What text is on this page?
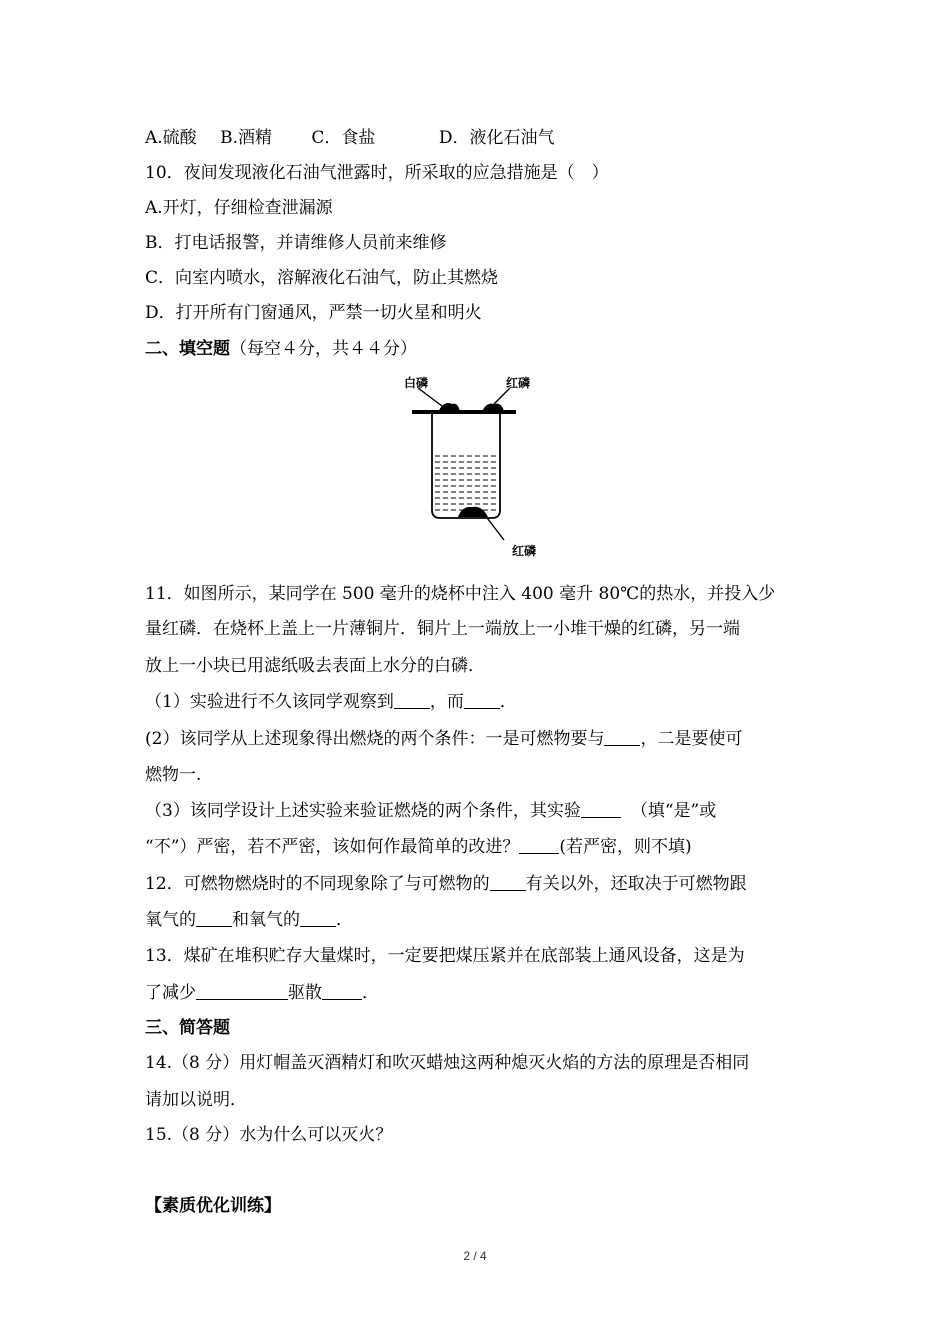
A.硫酸 B.酒精 C．食盐	D．液化石油气
10．夜间发现液化石油气泄露时，所采取的应急措施是（　）
A.开灯，仔细检查泄漏源
B．打电话报警，并请维修人员前来维修
C．向室内喷水，溶解液化石油气，防止其燃烧
D．打开所有门窗通风，严禁一切火星和明火
二、填空题（每空４分，共４４分）
白磷	红磷
红磷
11．如图所示，某同学在 500 毫升的烧杯中注入 400 毫升 80℃的热水，并投入少
量红磷．在烧杯上盖上一片薄铜片．铜片上一端放上一小堆干燥的红磷，另一端
放上一小块已用滤纸吸去表面上水分的白磷．
（1）实验进行不久该同学观察到 ，而 ．
(2）该同学从上述现象得出燃烧的两个条件：一是可燃物要与 ，二是要使可
燃物一.
（3）该同学设计上述实验来验证燃烧的两个条件，其实验	（填“是”或
“不”）严密，若不严密，该如何作最简单的改进？ (若严密，则不填)
12．可燃物燃烧时的不同现象除了与可燃物的 有关以外，还取决于可燃物跟
氧气的 和氧气的 ．
13．煤矿在堆积贮存大量煤时，一定要把煤压紧并在底部装上通风设备，这是为
了减少	驱散 ．
三、简答题
14.（8 分）用灯帽盖灭酒精灯和吹灭蜡烛这两种熄灭火焰的方法的原理是否相同
请加以说明．
15.（8 分）水为什么可以灭火？
【素质优化训练】
2 / 4
